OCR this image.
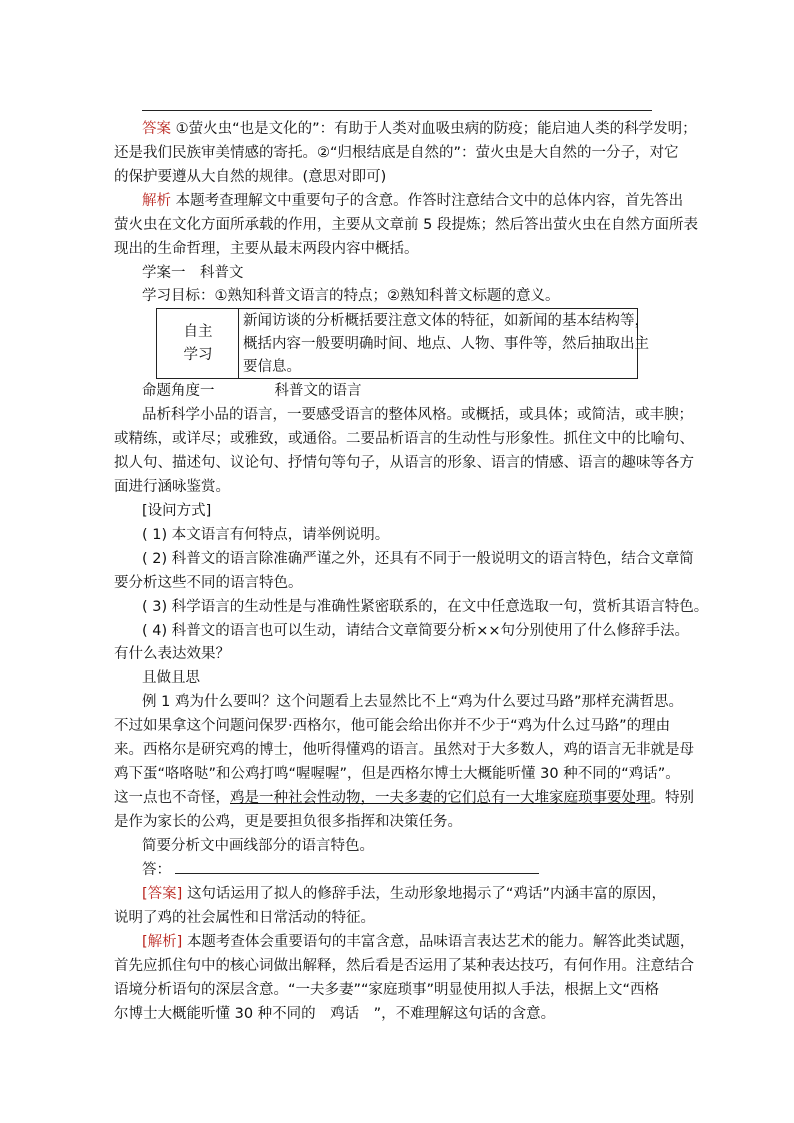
答案 ①萤火虫“也是文化的”：有助于人类对血吸虫病的防疫；能启迪人类的科学发明；
还是我们民族审美情感的寄托。②“归根结底是自然的”：萤火虫是大自然的一分子，对它
的保护要遵从大自然的规律。(意思对即可)
解析 本题考查理解文中重要句子的含意。作答时注意结合文中的总体内容，首先答出
萤火虫在文化方面所承载的作用，主要从文章前 5 段提炼；然后答出萤火虫在自然方面所表
现出的生命哲理，主要从最末两段内容中概括。
学案一　科普文
学习目标：①熟知科普文语言的特点；②熟知科普文标题的意义。
自主
学习
新闻访谈的分析概括要注意文体的特征，如新闻的基本结构等，
概括内容一般要明确时间、地点、人物、事件等，然后抽取出主
要信息。
命题角度一	科普文的语言
品析科学小品的语言，一要感受语言的整体风格。或概括，或具体；或简洁，或丰腴；
或精练，或详尽；或雅致，或通俗。二要品析语言的生动性与形象性。抓住文中的比喻句、
拟人句、描述句、议论句、抒情句等句子，从语言的形象、语言的情感、语言的趣味等各方
面进行涵咏鉴赏。
[设问方式]
( 1) 本文语言有何特点，请举例说明。
( 2) 科普文的语言除准确严谨之外，还具有不同于一般说明文的语言特色，结合文章简
要分析这些不同的语言特色。
( 3) 科学语言的生动性是与准确性紧密联系的，在文中任意选取一句，赏析其语言特色。
( 4) 科普文的语言也可以生动，请结合文章简要分析××句分别使用了什么修辞手法。
有什么表达效果？
且做且思
例 1 鸡为什么要叫？这个问题看上去显然比不上“鸡为什么要过马路”那样充满哲思。
不过如果拿这个问题问保罗·西格尔，他可能会给出你并不少于“鸡为什么过马路”的理由
来。西格尔是研究鸡的博士，他听得懂鸡的语言。虽然对于大多数人，鸡的语言无非就是母
鸡下蛋“咯咯哒”和公鸡打鸣“喔喔喔”，但是西格尔博士大概能听懂 30 种不同的“鸡话”。
这一点也不奇怪，鸡是一种社会性动物，一夫多妻的它们总有一大堆家庭琐事要处理。特别
是作为家长的公鸡，更是要担负很多指挥和决策任务。
简要分析文中画线部分的语言特色。
答：
[答案] 这句话运用了拟人的修辞手法，生动形象地揭示了“鸡话”内涵丰富的原因，
说明了鸡的社会属性和日常活动的特征。
[解析] 本题考查体会重要语句的丰富含意，品味语言表达艺术的能力。解答此类试题，
首先应抓住句中的核心词做出解释，然后看是否运用了某种表达技巧，有何作用。注意结合
语境分析语句的深层含意。“一夫多妻”“家庭琐事”明显使用拟人手法，根据上文“西格
尔博士大概能听懂 30 种不同的　鸡话　”，不难理解这句话的含意。
